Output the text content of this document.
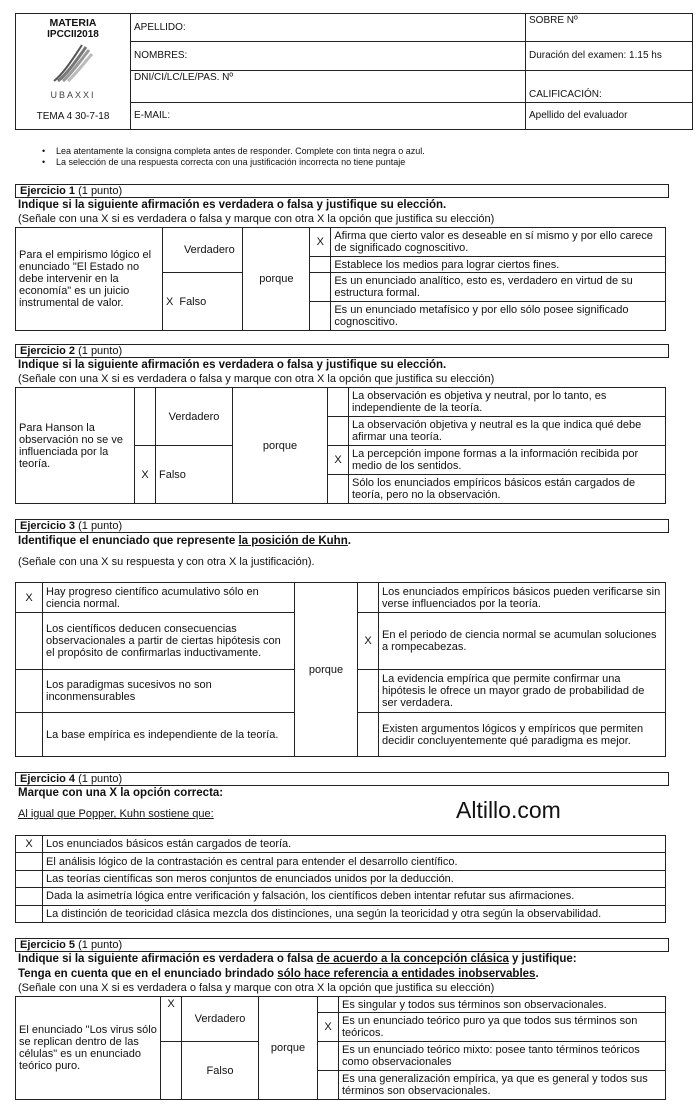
MATERIA
IPCCII2018
UBAXXI
TEMA 4 30-7-18	APELLIDO:	SOBRE Nº
	NOMBRES:	Duración del examen: 1.15 hs
	DNI/CI/LC/LE/PAS. Nº	CALIFICACIÓN:
	E-MAIL:	Apellido del evaluador
• Lea atentamente la consigna completa antes de responder. Complete con tinta negra o azul.
• La selección de una respuesta correcta con una justificación incorrecta no tiene puntaje
Ejercicio 1 (1 punto)
Indique si la siguiente afirmación es verdadera o falsa y justifique su elección.
(Señale con una X si es verdadera o falsa y marque con otra X la opción que justifica su elección)
Para el empirismo lógico el enunciado "El Estado no debe intervenir en la economía" es un juicio instrumental de valor.		Verdadero	porque	X	Afirma que cierto valor es deseable en sí mismo y por ello carece de significado cognoscitivo.
					Establece los medios para lograr ciertos fines.
	X	Falso			Es un enunciado analítico, esto es, verdadero en virtud de su estructura formal.
					Es un enunciado metafísico y por ello sólo posee significado cognoscitivo.
Ejercicio 2 (1 punto)
Indique si la siguiente afirmación es verdadera o falsa y justifique su elección.
(Señale con una X si es verdadera o falsa y marque con otra X la opción que justifica su elección)
Para Hanson la observación no se ve influenciada por la teoría.		Verdadero	porque		La observación es objetiva y neutral, por lo tanto, es independiente de la teoría.
					La observación objetiva y neutral es la que indica qué debe afirmar una teoría.
	X	Falso		X	La percepción impone formas a la información recibida por medio de los sentidos.
					Sólo los enunciados empíricos básicos están cargados de teoría, pero no la observación.
Ejercicio 3 (1 punto)
Identifique el enunciado que represente la posición de Kuhn.
(Señale con una X su respuesta y con otra X la justificación).
X	Hay progreso científico acumulativo sólo en ciencia normal.	porque		Los enunciados empíricos básicos pueden verificarse sin verse influenciados por la teoría.
	Los científicos deducen consecuencias observacionales a partir de ciertas hipótesis con el propósito de confirmarlas inductivamente.		X	En el periodo de ciencia normal se acumulan soluciones a rompecabezas.
	Los paradigmas sucesivos no son inconmensurables			La evidencia empírica que permite confirmar una hipótesis le ofrece un mayor grado de probabilidad de ser verdadera.
	La base empírica es independiente de la teoría.			Existen argumentos lógicos y empíricos que permiten decidir concluyentemente qué paradigma es mejor.
Ejercicio 4 (1 punto)
Marque con una X la opción correcta:
Al igual que Popper, Kuhn sostiene que:	Altillo.com
X	Los enunciados básicos están cargados de teoría.
	El análisis lógico de la contrastación es central para entender el desarrollo científico.
	Las teorías científicas son meros conjuntos de enunciados unidos por la deducción.
	Dada la asimetría lógica entre verificación y falsación, los científicos deben intentar refutar sus afirmaciones.
	La distinción de teoricidad clásica mezcla dos distinciones, una según la teoricidad y otra según la observabilidad.
Ejercicio 5 (1 punto)
Indique si la siguiente afirmación es verdadera o falsa de acuerdo a la concepción clásica y justifique:
Tenga en cuenta que en el enunciado brindado sólo hace referencia a entidades inobservables.
(Señale con una X si es verdadera o falsa y marque con otra X la opción que justifica su elección)
El enunciado "Los virus sólo se replican dentro de las células" es un enunciado teórico puro.	X	Verdadero	porque		Es singular y todos sus términos son observacionales.
				X	Es un enunciado teórico puro ya que todos sus términos son teóricos.
		Falso			Es un enunciado teórico mixto: posee tanto términos teóricos como observacionales
					Es una generalización empírica, ya que es general y todos sus términos son observacionales.
